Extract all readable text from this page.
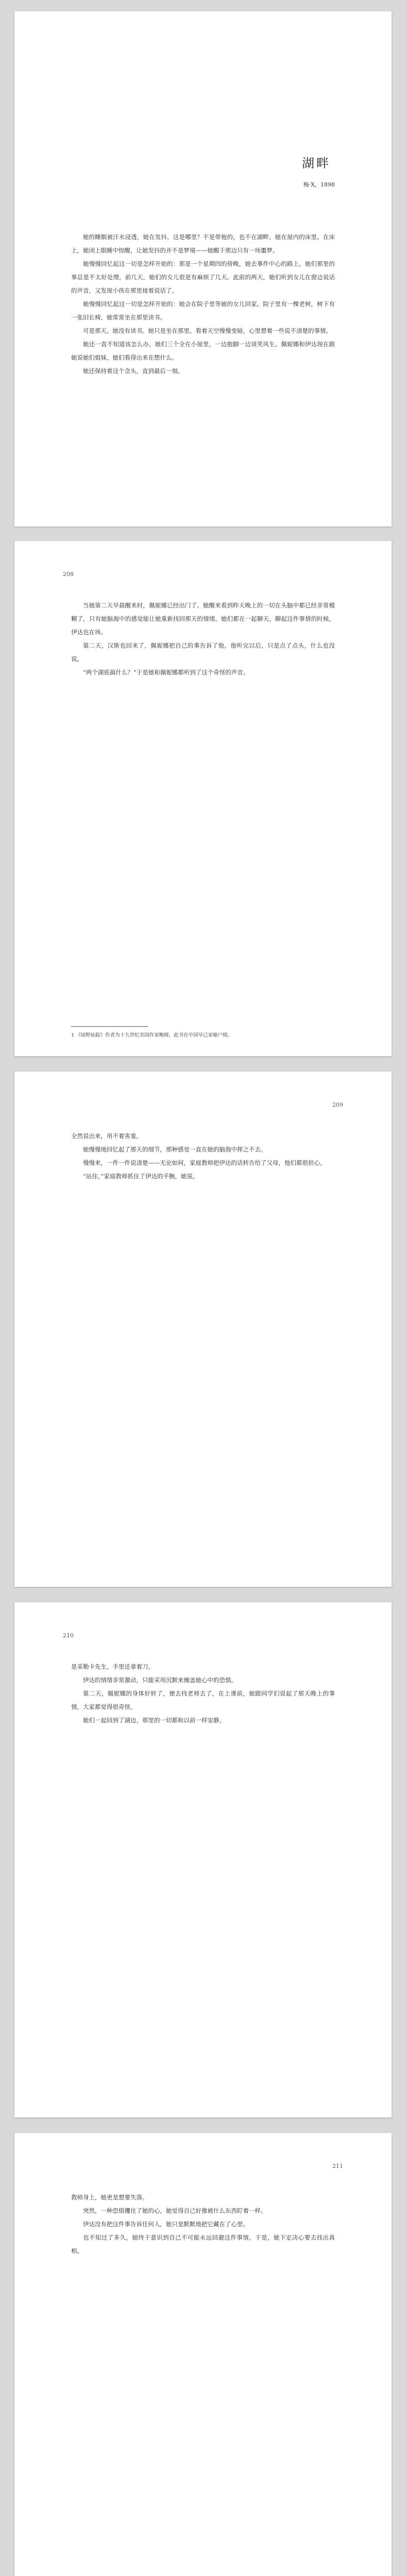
湖畔
梅·X，1898

她的睡眠被汗水浸透，她在发抖。这是哪里？不是带他的，也不在湖畔，她在屋内的床里。在床上，她闭上眼睡中惊醒，让她发抖的并不是梦境——她醒于那边只有一场噩梦。

她慢慢回忆起这一切是怎样开始的：那是一个星期四的傍晚，她去事件中心的路上。她们那里的事总是不太好处理，前几天，她们的女儿很是有麻烦了几天。此前的两天，她们听到女儿在窗边说话的声音，又发现小孩在那里接着说话了。

她慢慢回忆起这一切是怎样开始的：她会在院子里等她的女儿回家。院子里有一棵老树，树下有一张旧长椅，她常常坐在那里读书。

可是那天，她没有读书。她只是坐在那里，看着天空慢慢变暗，心里想着一些说不清楚的事情。

她还一直不知道该怎么办，她们三个全在小屋里，一边抱脚一边谈笑风生。佩妮娜和伊达现在跟她说她们姐妹，她们看得出来在想什么。

她还保持着这个念头，直到最后一刻。

208

当她第二天早晨醒来时，佩妮娜已经出门了。她醒来看到昨天晚上的一切在头脑中都已经非常模糊了，只有她脑海中的感觉能让她重新找回那天的情绪。她们都在一起聊天，聊起这件事情的时候，伊达也在场。

第二天，汉斯也回来了，佩妮娜把自己的事告诉了他。他听完以后，只是点了点头，什么也没说。

“两个湖底搞什么？”于是她和佩妮娜都听到了这个奇怪的声音。

1 《绿野仙踪》作者为十九世纪美国作家鲍姆，此书在中国早已家喻户晓。
209

全然说出来，用不着害羞。

她慢慢地回忆起了那天的细节，那种感觉一直在她的脑海中挥之不去。

慢慢来，一件一件说清楚——无论如何，家庭教师把伊达的话转告给了父母，他们都很担心。

“站住。”家庭教师抓住了伊达的手腕，她说。

210

是采勒卡先生，手里还拿着刀。

伊达的情绪非常激动，只能采用沉默来掩盖她心中的恐惧。

第二天，佩妮娜的身体好转了，便去找老师去了，在上课前，她跟同学们说起了那天晚上的事情，大家都觉得很奇怪。

她们一起回到了湖边，那里的一切都和以前一样安静。

211

教师身上，她更是想要失落。

突然，一种恐惧攫住了她的心，她觉得自己好像被什么东西盯着一样。

伊达没有把这件事告诉任何人，她只是默默地把它藏在了心里。

也不知过了多久，她终于意识到自己不可能永远回避这件事情。于是，她下定决心要去找出真相。
